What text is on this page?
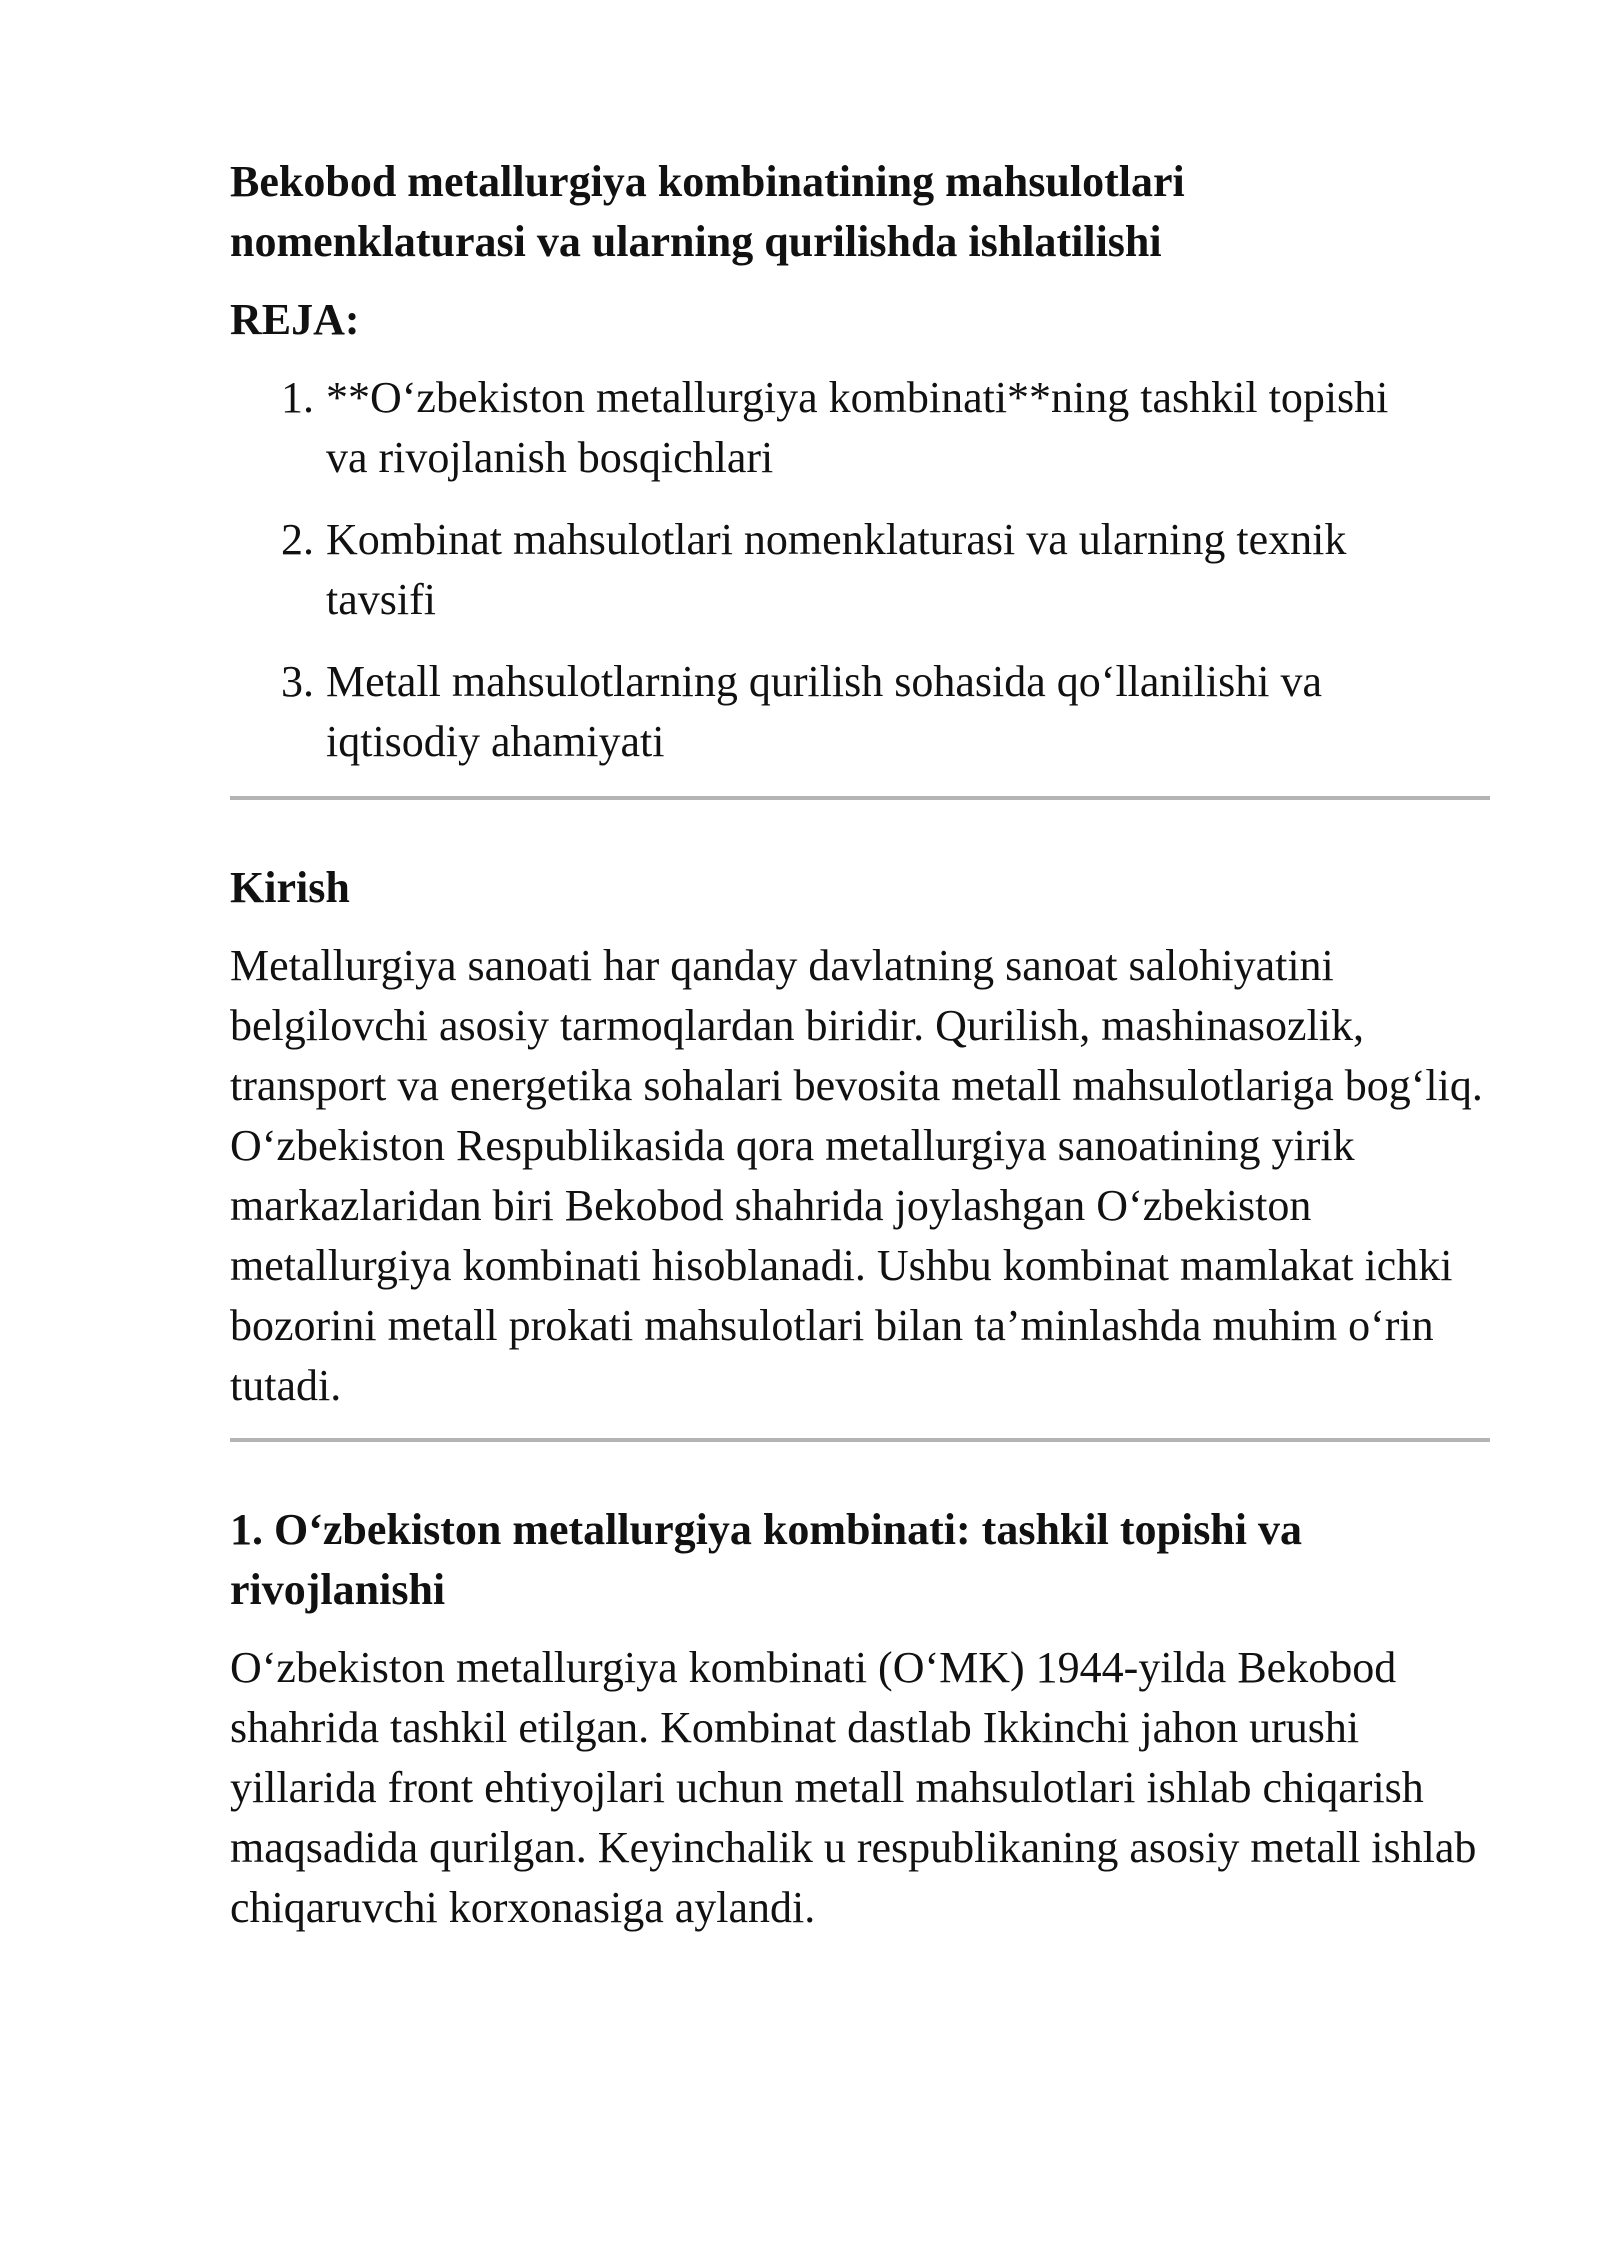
Bekobod metallurgiya kombinatining mahsulotlari nomenklaturasi va ularning qurilishda ishlatilishi
REJA:
1. **O‘zbekiston metallurgiya kombinati**ning tashkil topishi va rivojlanish bosqichlari
2. Kombinat mahsulotlari nomenklaturasi va ularning texnik tavsifi
3. Metall mahsulotlarning qurilish sohasida qo‘llanilishi va iqtisodiy ahamiyati
Kirish

Metallurgiya sanoati har qanday davlatning sanoat salohiyatini belgilovchi asosiy tarmoqlardan biridir. Qurilish, mashinasozlik, transport va energetika sohalari bevosita metall mahsulotlariga bog‘liq. O‘zbekiston Respublikasida qora metallurgiya sanoatining yirik markazlaridan biri Bekobod shahrida joylashgan O‘zbekiston metallurgiya kombinati hisoblanadi. Ushbu kombinat mamlakat ichki bozorini metall prokati mahsulotlari bilan ta’minlashda muhim o‘rin tutadi.

1. O‘zbekiston metallurgiya kombinati: tashkil topishi va rivojlanishi

O‘zbekiston metallurgiya kombinati (O‘MK) 1944-yilda Bekobod shahrida tashkil etilgan. Kombinat dastlab Ikkinchi jahon urushi yillarida front ehtiyojlari uchun metall mahsulotlari ishlab chiqarish maqsadida qurilgan. Keyinchalik u respublikaning asosiy metall ishlab chiqaruvchi korxonasiga aylandi.
